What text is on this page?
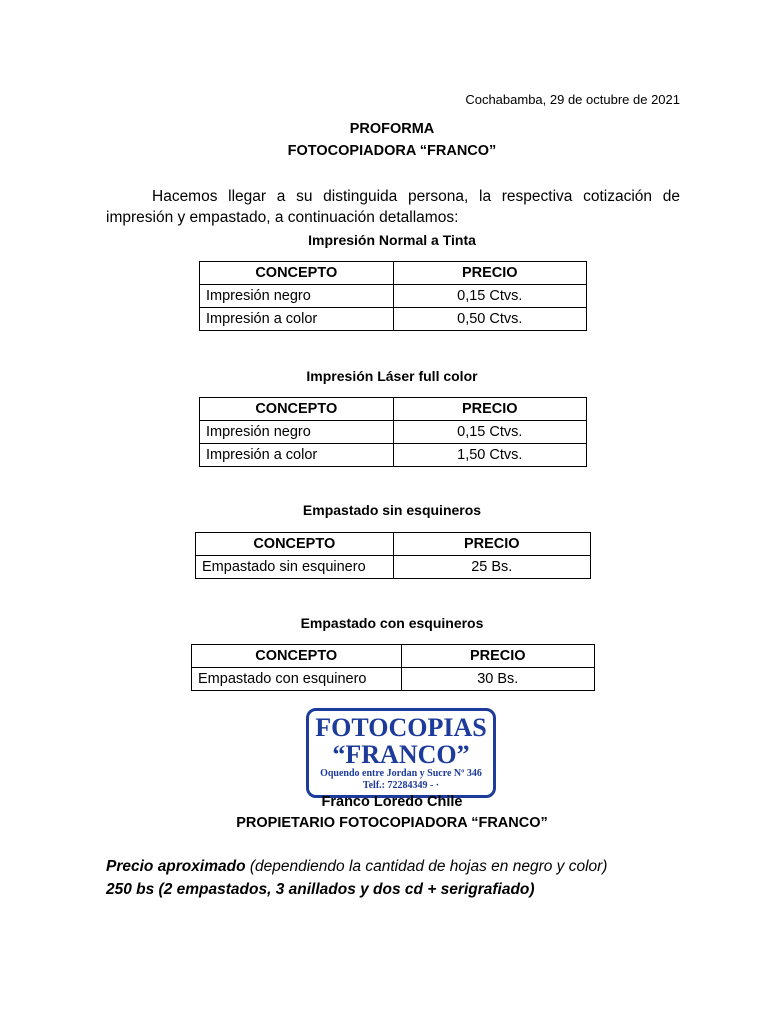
Cochabamba, 29 de octubre de 2021
PROFORMA
FOTOCOPIADORA “FRANCO”
Hacemos llegar a su distinguida persona, la respectiva cotización de impresión y empastado, a continuación detallamos:
Impresión Normal a Tinta
CONCEPTO	PRECIO
Impresión negro	0,15 Ctvs.
Impresión a color	0,50 Ctvs.
Impresión Láser full color
CONCEPTO	PRECIO
Impresión negro	0,15 Ctvs.
Impresión a color	1,50 Ctvs.
Empastado sin esquineros
CONCEPTO	PRECIO
Empastado sin esquinero	25 Bs.
Empastado con esquineros
CONCEPTO	PRECIO
Empastado con esquinero	30 Bs.
FOTOCOPIAS
“FRANCO”
Oquendo entre Jordan y Sucre Nº 346
Telf.: 72284349 - ·
Franco Loredo Chile
PROPIETARIO FOTOCOPIADORA “FRANCO”
Precio aproximado (dependiendo la cantidad de hojas en negro y color)
250 bs (2 empastados, 3 anillados y dos cd + serigrafiado)
